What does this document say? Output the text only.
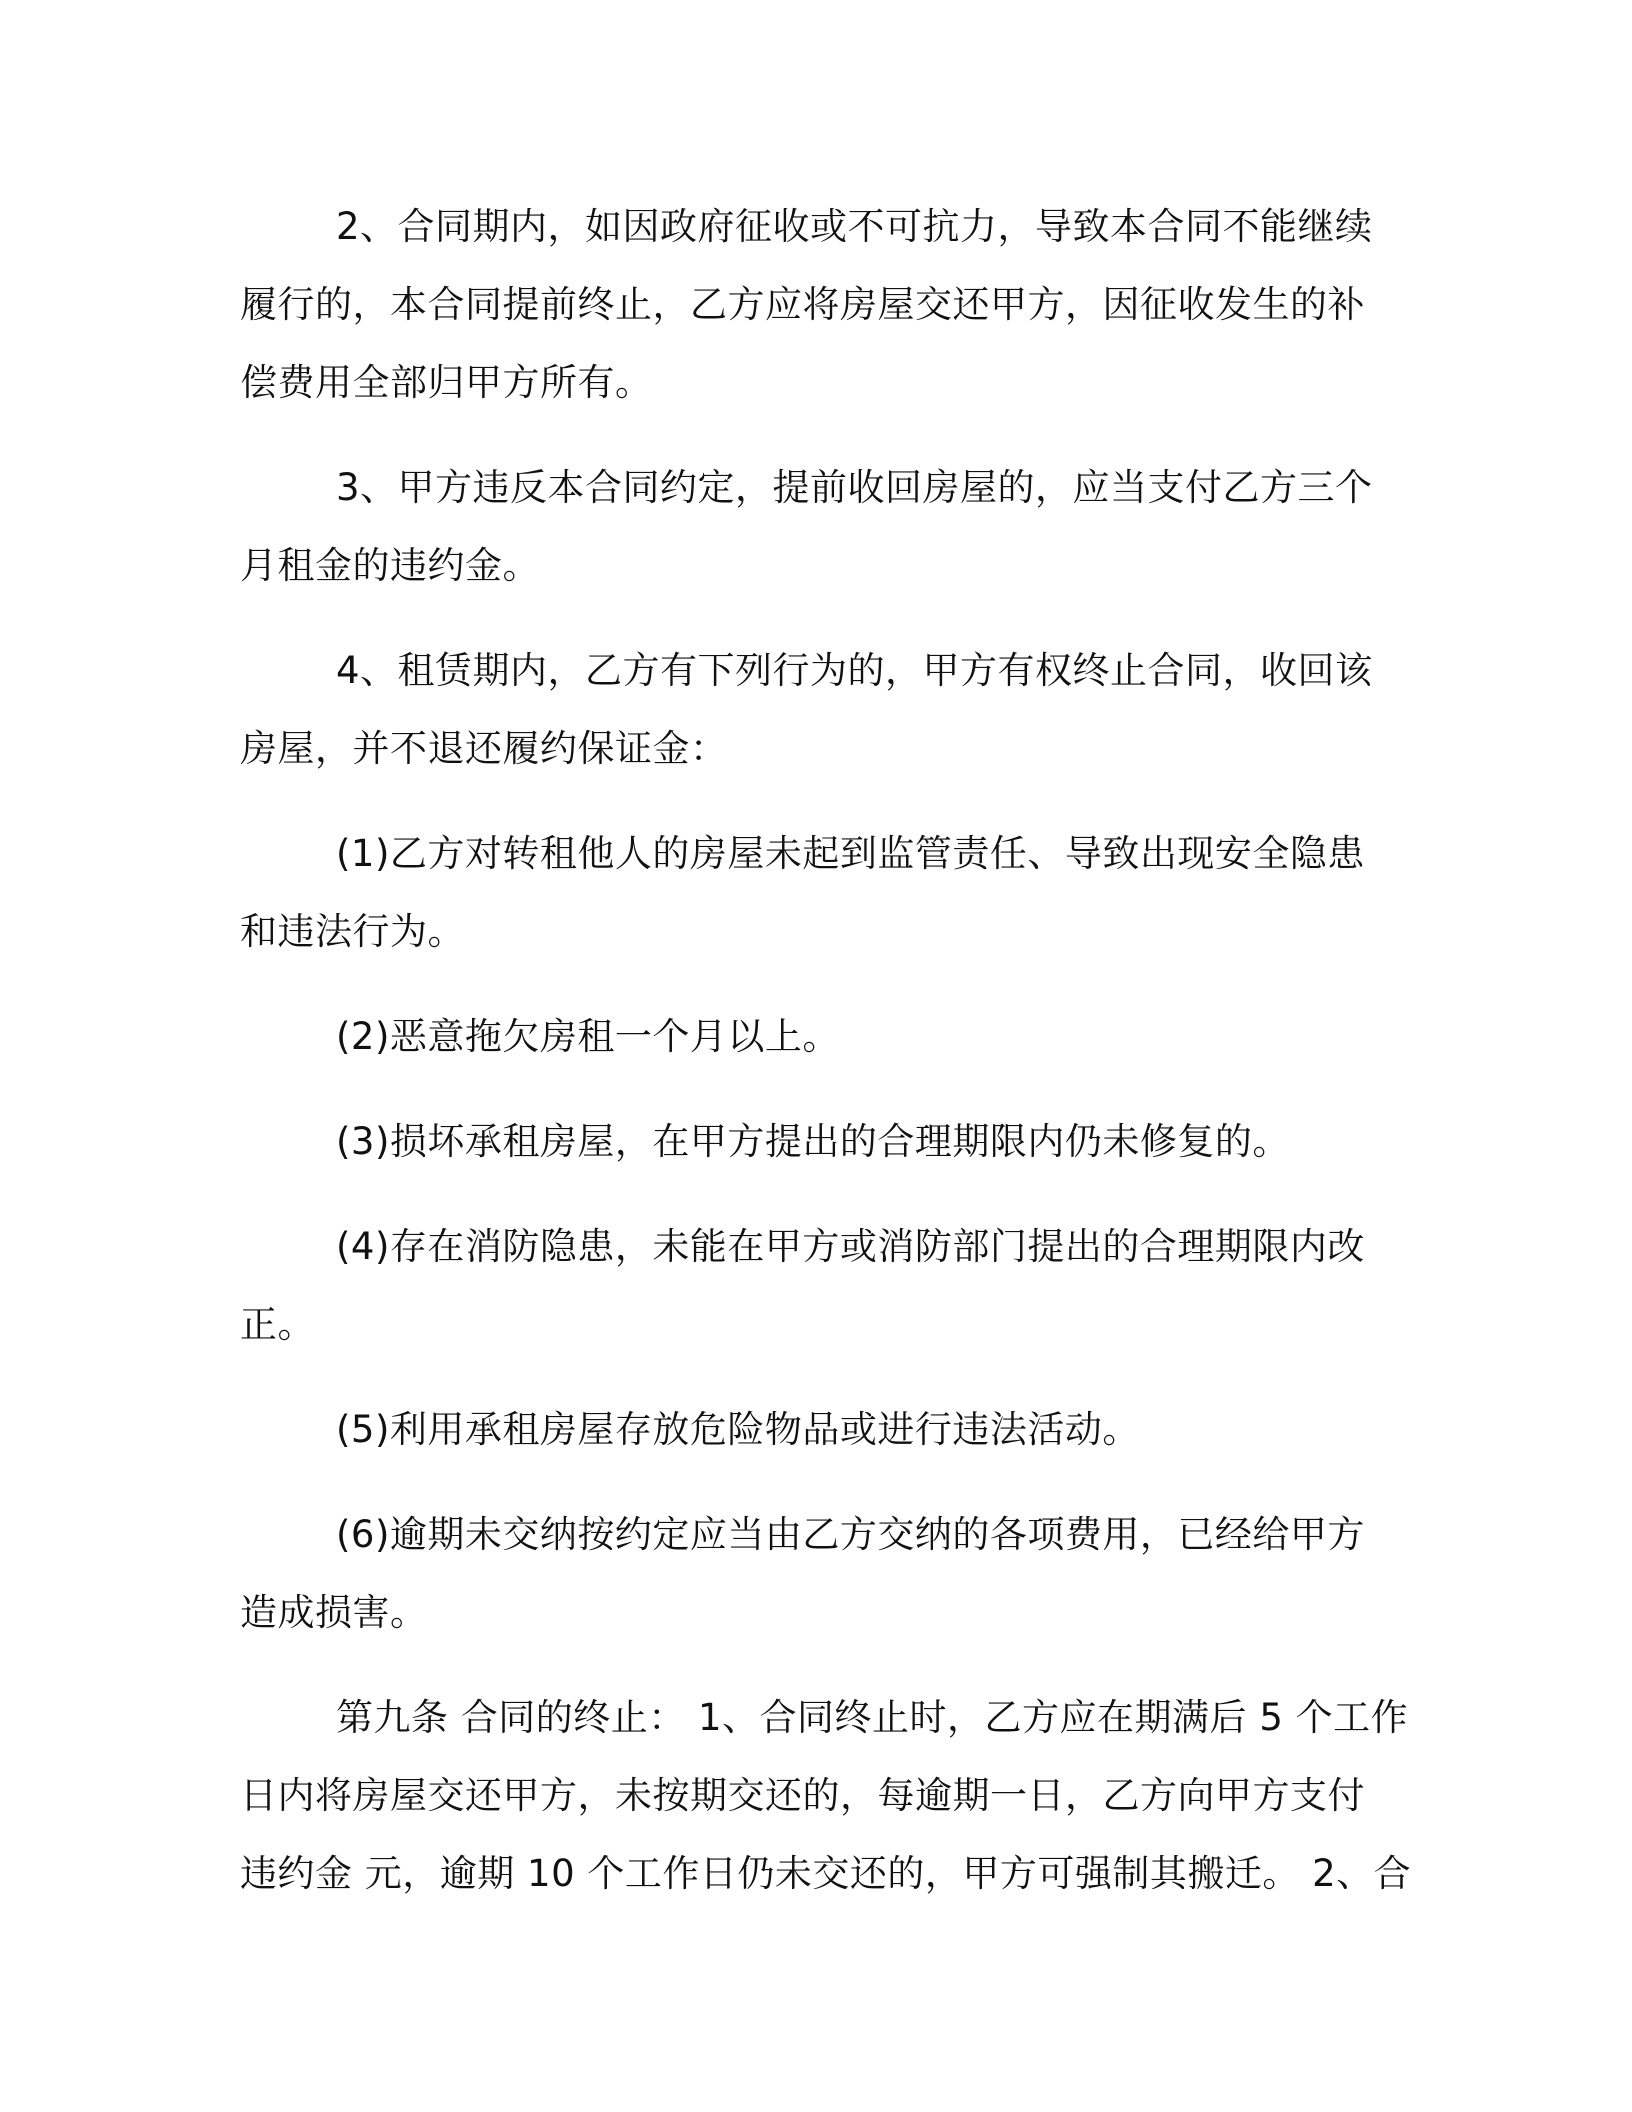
2、合同期内，如因政府征收或不可抗力，导致本合同不能继续
履行的，本合同提前终止，乙方应将房屋交还甲方，因征收发生的补
偿费用全部归甲方所有。

3、甲方违反本合同约定，提前收回房屋的，应当支付乙方三个
月租金的违约金。

4、租赁期内，乙方有下列行为的，甲方有权终止合同，收回该
房屋，并不退还履约保证金：

(1)乙方对转租他人的房屋未起到监管责任、导致出现安全隐患
和违法行为。

(2)恶意拖欠房租一个月以上。

(3)损坏承租房屋，在甲方提出的合理期限内仍未修复的。

(4)存在消防隐患，未能在甲方或消防部门提出的合理期限内改
正。

(5)利用承租房屋存放危险物品或进行违法活动。

(6)逾期未交纳按约定应当由乙方交纳的各项费用，已经给甲方
造成损害。

第九条 合同的终止： 1、合同终止时，乙方应在期满后 5 个工作
日内将房屋交还甲方，未按期交还的，每逾期一日，乙方向甲方支付
违约金 元，逾期 10 个工作日仍未交还的，甲方可强制其搬迁。 2、合
